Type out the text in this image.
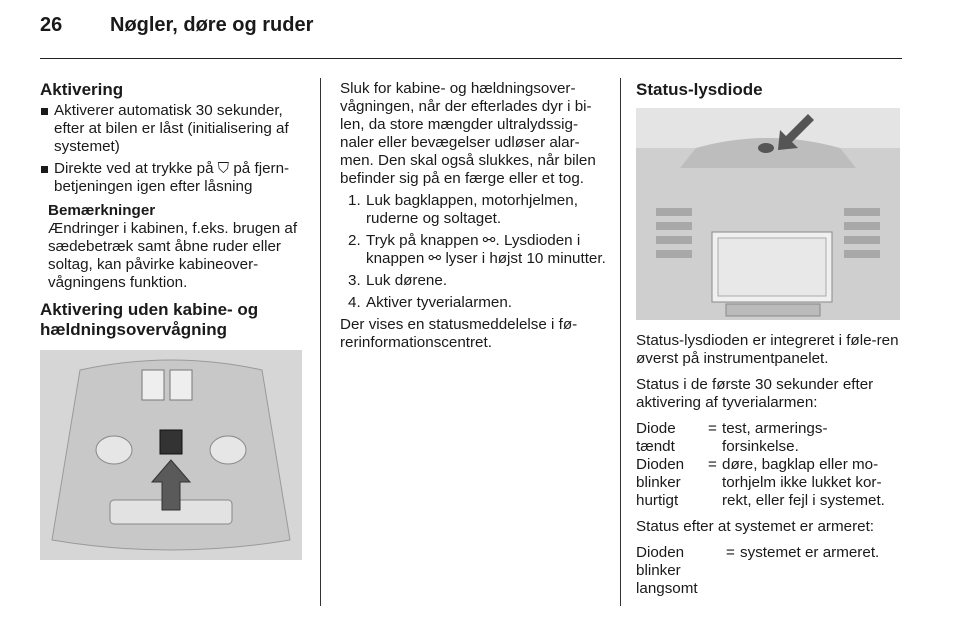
26 Nøgler, døre og ruder
Aktivering
Aktiverer automatisk 30 sekunder, efter at bilen er låst (initialisering af systemet)
Direkte ved at trykke på ⛉ på fjern-betjeningen igen efter låsning
Bemærkninger
Ændringer i kabinen, f.eks. brugen af sædebetræk samt åbne ruder eller soltag, kan påvirke kabineover-vågningens funktion.
Aktivering uden kabine- og hældningsovervågning

Sluk for kabine- og hældningsover-vågningen, når der efterlades dyr i bi-len, da store mængder ultralydssig-naler eller bevægelser udløser alar-men. Den skal også slukkes, når bilen befinder sig på en færge eller et tog.

1. Luk bagklappen, motorhjelmen, ruderne og soltaget.
2. Tryk på knappen ⚯. Lysdioden i knappen ⚯ lyser i højst 10 minutter.
3. Luk dørene.
4. Aktiver tyverialarmen.

Der vises en statusmeddelelse i fø-rerinformationscentret.

Status-lysdiode

Status-lysdioden er integreret i føle-ren øverst på instrumentpanelet.

Status i de første 30 sekunder efter aktivering af tyverialarmen:

Diode tændt	=	test, armerings-forsinkelse.
Dioden blinker hurtigt	=	døre, bagklap eller mo-torhjelm ikke lukket kor-rekt, eller fejl i systemet.

Status efter at systemet er armeret:

Dioden blinker langsomt	=	systemet er armeret.
